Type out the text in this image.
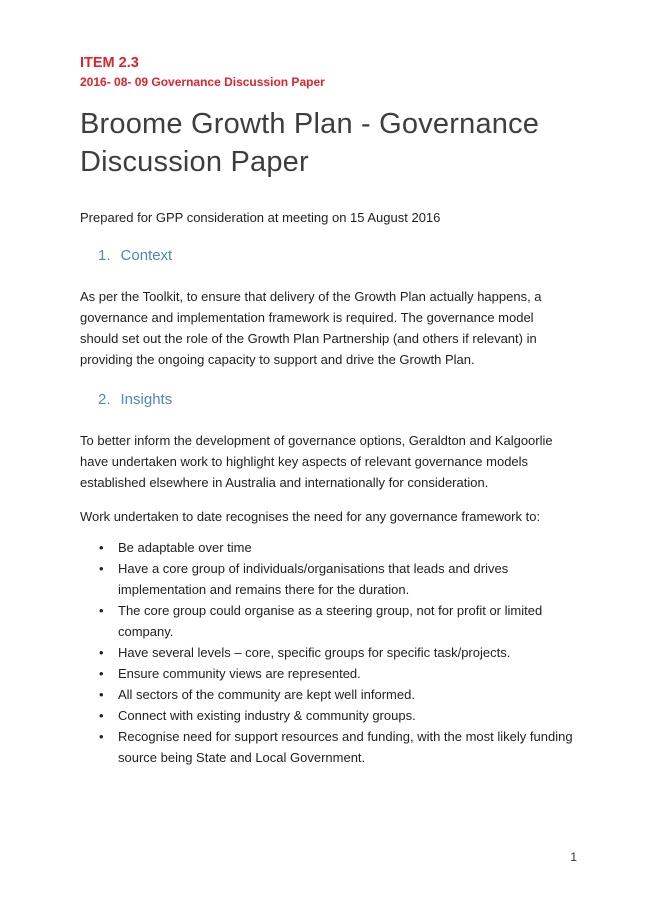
ITEM 2.3
2016- 08- 09 Governance Discussion Paper
Broome Growth Plan - Governance Discussion Paper

Prepared for GPP consideration at meeting on 15 August 2016

1. Context

As per the Toolkit, to ensure that delivery of the Growth Plan actually happens, a governance and implementation framework is required. The governance model should set out the role of the Growth Plan Partnership (and others if relevant) in providing the ongoing capacity to support and drive the Growth Plan.

2. Insights

To better inform the development of governance options, Geraldton and Kalgoorlie have undertaken work to highlight key aspects of relevant governance models established elsewhere in Australia and internationally for consideration.

Work undertaken to date recognises the need for any governance framework to:

• Be adaptable over time
• Have a core group of individuals/organisations that leads and drives implementation and remains there for the duration.
• The core group could organise as a steering group, not for profit or limited company.
• Have several levels – core, specific groups for specific task/projects.
• Ensure community views are represented.
• All sectors of the community are kept well informed.
• Connect with existing industry & community groups.
• Recognise need for support resources and funding, with the most likely funding source being State and Local Government.
1
